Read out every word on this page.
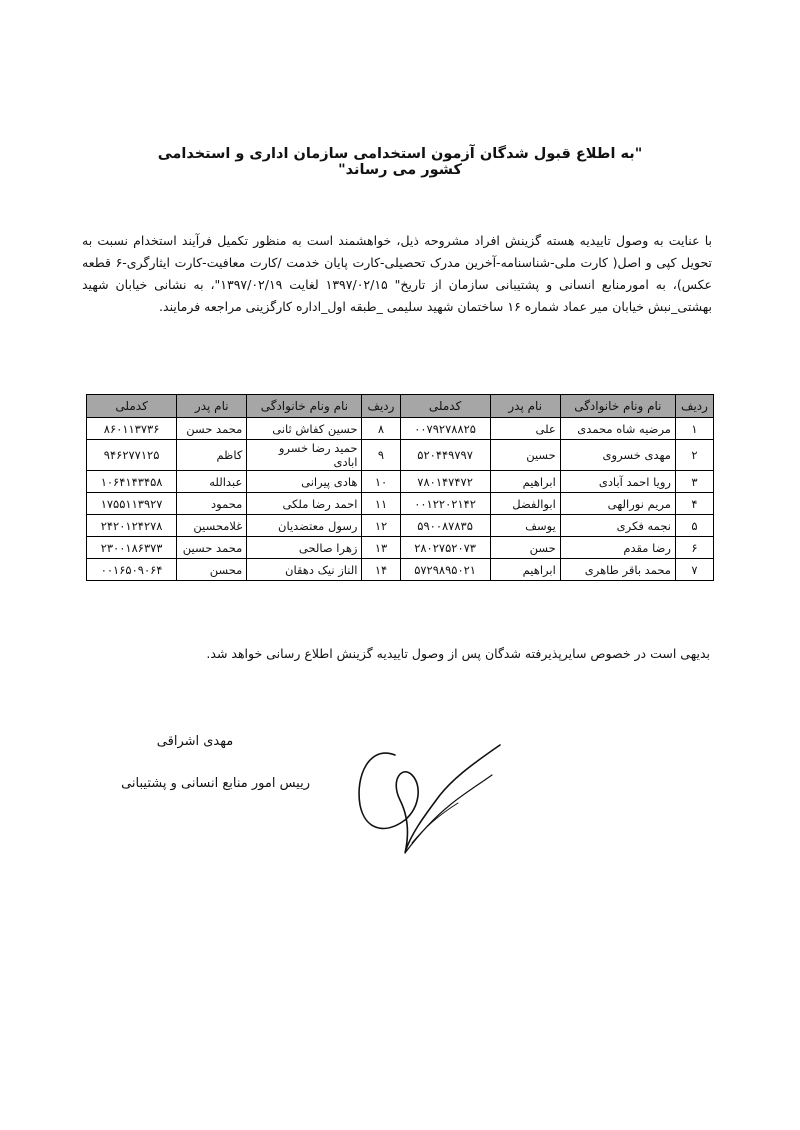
"به اطلاع قبول شدگان آزمون استخدامی سازمان اداری و استخدامی کشور می رساند"
با عنایت به وصول تاییدیه هسته گزینش افراد مشروحه ذیل، خواهشمند است به منظور تکمیل فرآیند استخدام نسبت به تحویل کپی و اصل( کارت ملی-شناسنامه-آخرین مدرک تحصیلی-کارت پایان خدمت /کارت معافیت-کارت ایثارگری-۶ قطعه عکس)، به امورمنابع انسانی و پشتیبانی سازمان از تاریخ" ۱۳۹۷/۰۲/۱۵ لغایت ۱۳۹۷/۰۲/۱۹"، به نشانی خیابان شهید بهشتی_نبش خیابان میر عماد شماره ۱۶ ساختمان شهید سلیمی _طبقه اول_اداره کارگزینی مراجعه فرمایند.
ردیف	نام ونام خانوادگی	نام پدر	کدملی	ردیف	نام ونام خانوادگی	نام پدر	کدملی
۱	مرضیه شاه محمدی	علی	۰۰۷۹۲۷۸۸۲۵	۸	حسین کفاش ثانی	محمد حسن	۸۶۰۱۱۳۷۳۶
۲	مهدی خسروی	حسین	۵۲۰۴۴۹۷۹۷	۹	حمید رضا خسرو ابادی	کاظم	۹۴۶۲۷۷۱۲۵
۳	رویا احمد آبادی	ابراهیم	۷۸۰۱۴۷۴۷۲	۱۰	هادی پیرانی	عبدالله	۱۰۶۴۱۴۳۴۵۸
۴	مریم نورالهی	ابوالفضل	۰۰۱۲۲۰۲۱۴۲	۱۱	احمد رضا ملکی	محمود	۱۷۵۵۱۱۳۹۲۷
۵	نجمه فکری	یوسف	۵۹۰۰۸۷۸۳۵	۱۲	رسول معتضدیان	غلامحسین	۲۴۲۰۱۲۴۲۷۸
۶	رضا مقدم	حسن	۲۸۰۲۷۵۲۰۷۳	۱۳	زهرا صالحی	محمد حسین	۲۳۰۰۱۸۶۳۷۳
۷	محمد باقر طاهری	ابراهیم	۵۷۲۹۸۹۵۰۲۱	۱۴	الناز نیک دهقان	محسن	۰۰۱۶۵۰۹۰۶۴
بدیهی است در خصوص سایرپذیرفته شدگان پس از وصول تاییدیه گزینش اطلاع رسانی خواهد شد.
مهدی اشراقی
رییس امور منابع انسانی و پشتیبانی
